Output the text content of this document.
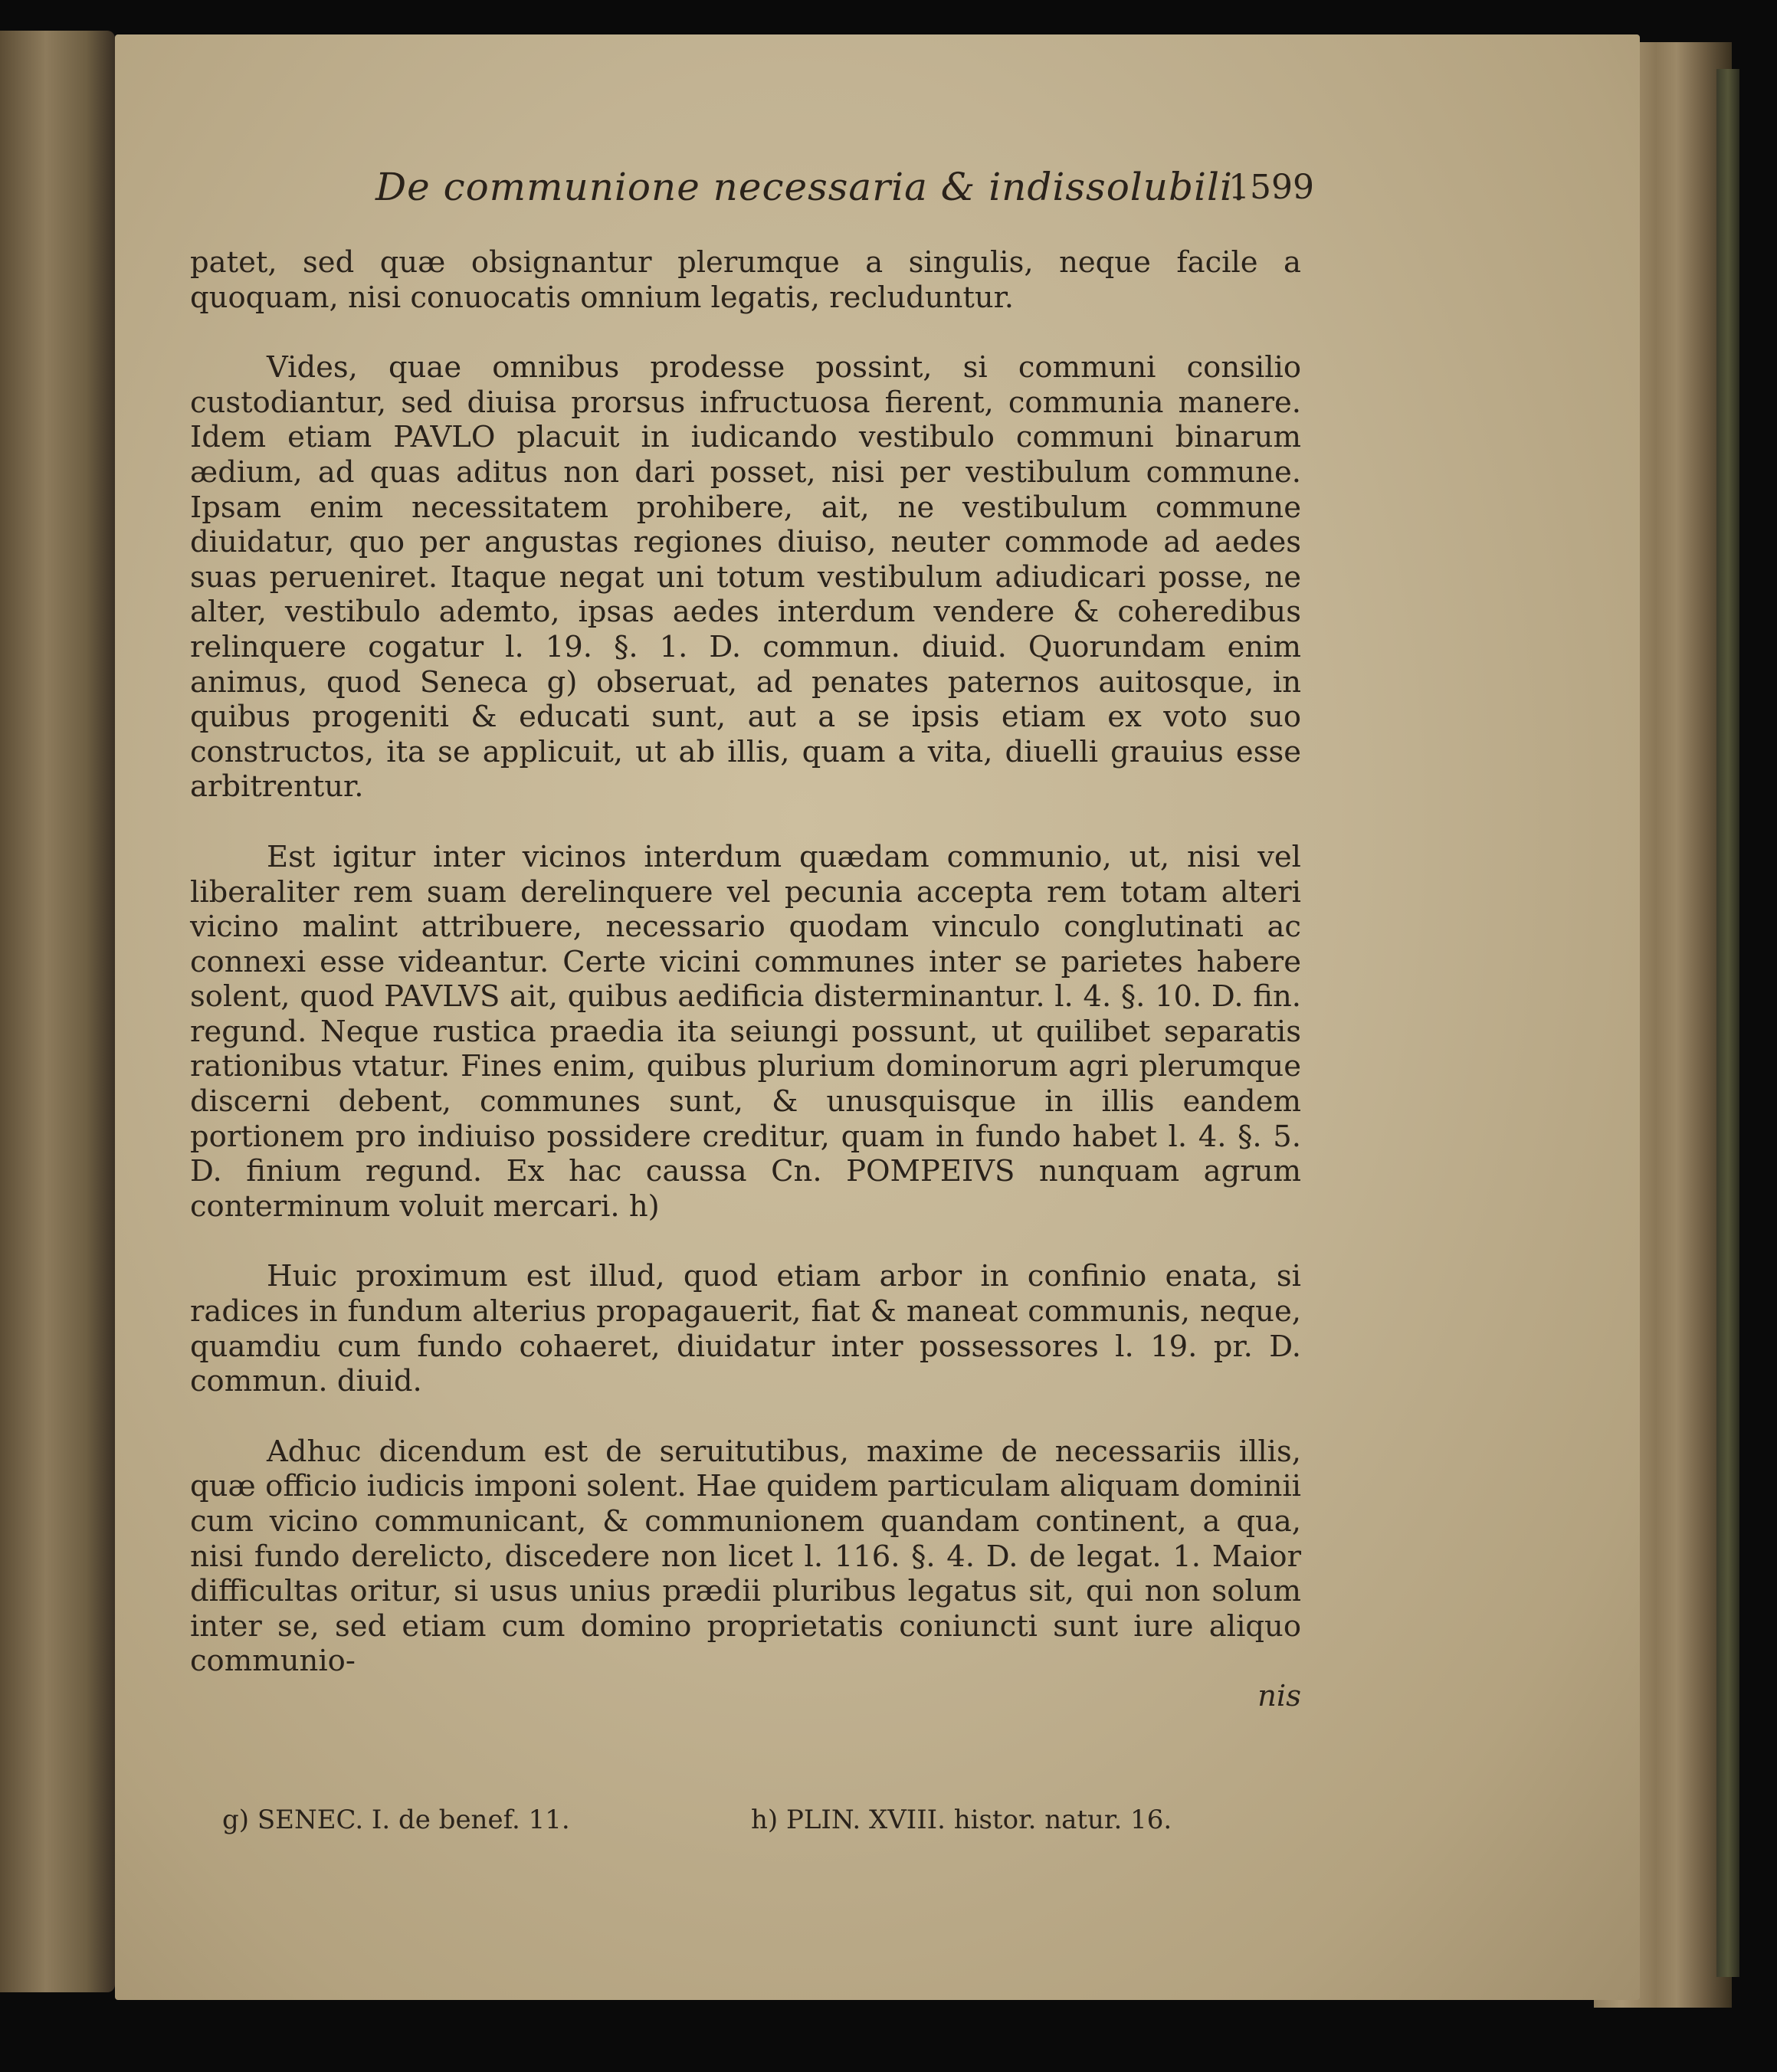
De communione necessaria & indissolubili.
1599

patet, sed quæ obsignantur plerumque a singulis, neque facile a quoquam, nisi conuocatis omnium legatis, recluduntur.

Vides, quae omnibus prodesse possint, si communi consilio custodiantur, sed diuisa prorsus infructuosa fierent, communia manere. Idem etiam PAVLO placuit in iudicando vestibulo communi binarum ædium, ad quas aditus non dari posset, nisi per vestibulum commune. Ipsam enim necessitatem prohibere, ait, ne vestibulum commune diuidatur, quo per angustas regiones diuiso, neuter commode ad aedes suas perueniret. Itaque negat uni totum vestibulum adiudicari posse, ne alter, vestibulo ademto, ipsas aedes interdum vendere & coheredibus relinquere cogatur l. 19. §. 1. D. commun. diuid. Quorundam enim animus, quod Seneca g) obseruat, ad penates paternos auitosque, in quibus progeniti & educati sunt, aut a se ipsis etiam ex voto suo constructos, ita se applicuit, ut ab illis, quam a vita, diuelli grauius esse arbitrentur.

Est igitur inter vicinos interdum quædam communio, ut, nisi vel liberaliter rem suam derelinquere vel pecunia accepta rem totam alteri vicino malint attribuere, necessario quodam vinculo conglutinati ac connexi esse videantur. Certe vicini communes inter se parietes habere solent, quod PAVLVS ait, quibus aedificia disterminantur. l. 4. §. 10. D. fin. regund. Neque rustica praedia ita seiungi possunt, ut quilibet separatis rationibus vtatur. Fines enim, quibus plurium dominorum agri plerumque discerni debent, communes sunt, & unusquisque in illis eandem portionem pro indiuiso possidere creditur, quam in fundo habet l. 4. §. 5. D. finium regund. Ex hac caussa Cn. POMPEIVS nunquam agrum conterminum voluit mercari. h)

Huic proximum est illud, quod etiam arbor in confinio enata, si radices in fundum alterius propagauerit, fiat & maneat communis, neque, quamdiu cum fundo cohaeret, diuidatur inter possessores l. 19. pr. D. commun. diuid.

Adhuc dicendum est de seruitutibus, maxime de necessariis illis, quæ officio iudicis imponi solent. Hae quidem particulam aliquam dominii cum vicino communicant, & communionem quandam continent, a qua, nisi fundo derelicto, discedere non licet l. 116. §. 4. D. de legat. 1. Maior difficultas oritur, si usus unius prædii pluribus legatus sit, qui non solum inter se, sed etiam cum domino proprietatis coniuncti sunt iure aliquo communio-

nis

g) SENEC. I. de benef. 11.	h) PLIN. XVIII. histor. natur. 16.
